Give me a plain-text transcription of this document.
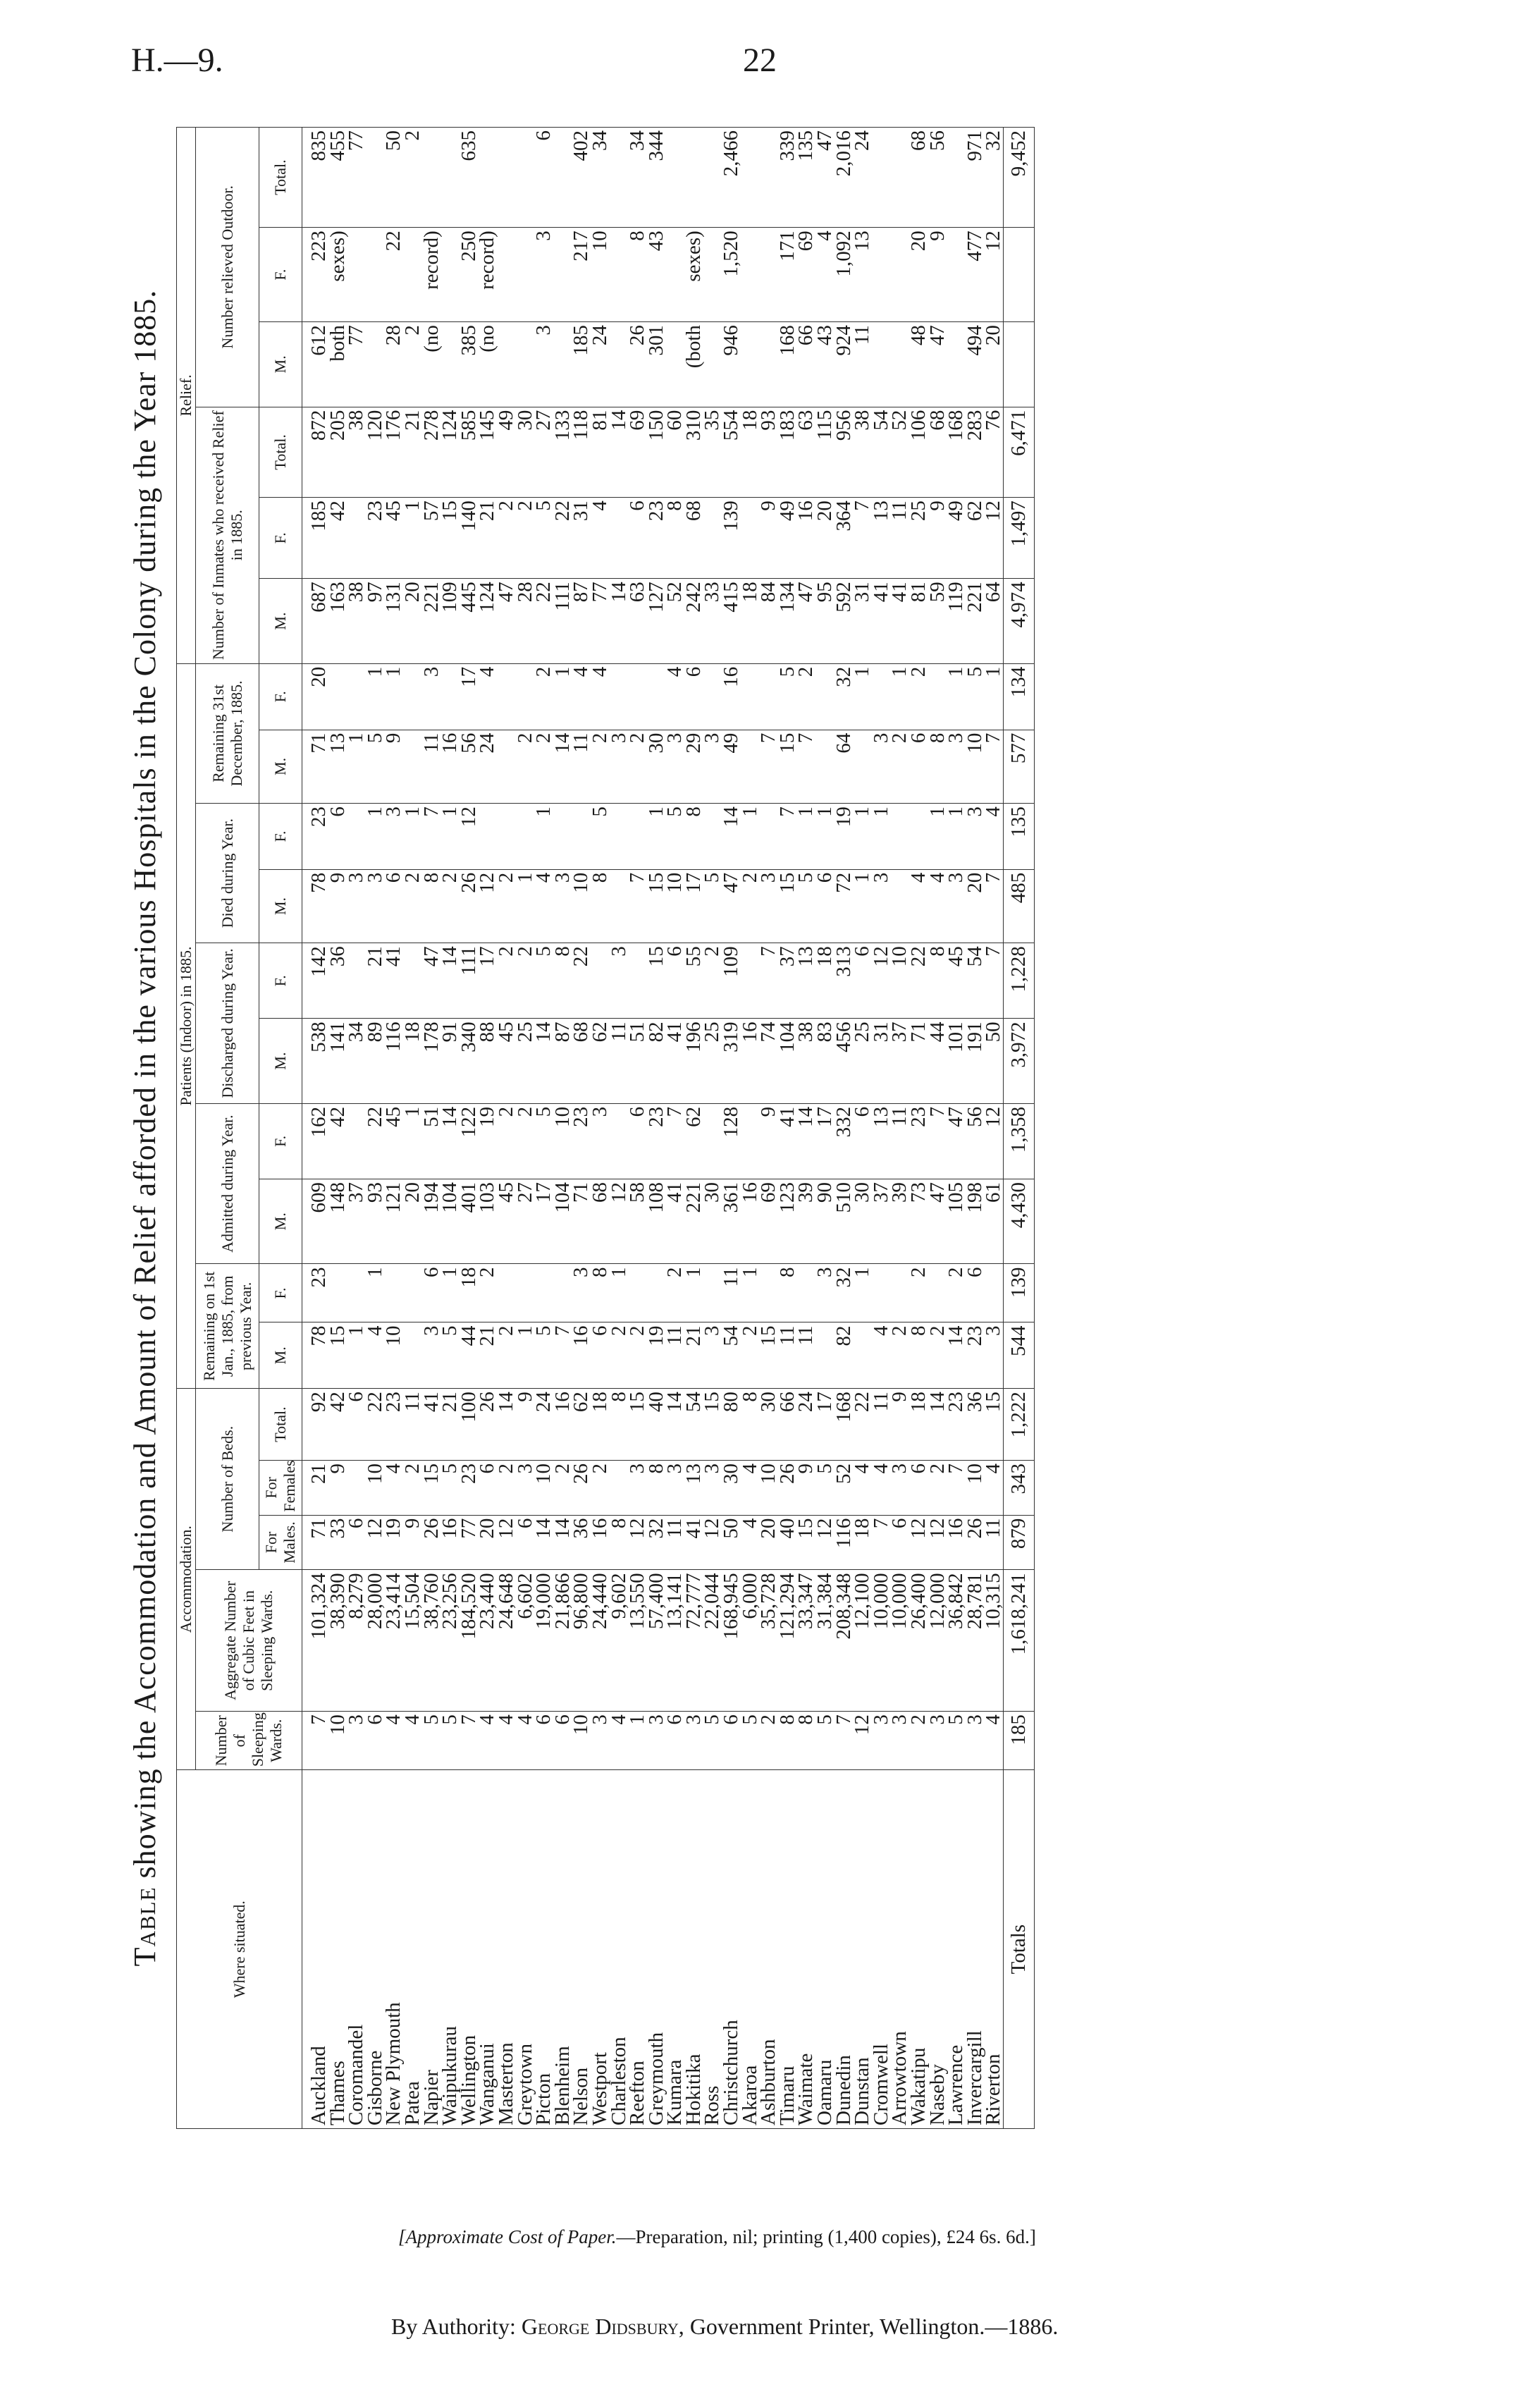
H.—9.	22
Table showing the Accommodation and Amount of Relief afforded in the various Hospitals in the Colony during the Year 1885.
Where situated.	Accommodation.					Patients (Indoor) in 1885.										Relief.					
	Number of Sleeping Wards.	Aggregate Number of Cubic Feet in Sleeping Wards.	Number of Beds.			Remaining on 1st Jan., 1885, from previous Year.		Admitted during Year.		Discharged during Year.		Died during Year.		Remaining 31st December, 1885.		Number of Inmates who received Relief in 1885.			Number relieved Outdoor.		
			For Males.	For Females	Total.	M.	F.	M.	F.	M.	F.	M.	F.	M.	F.	M.	F.	Total.	M.	F.	Total.
Auckland	7	101,324	71	21	92	78	23	609	162	538	142	78	23	71	20	687	185	872	612	223	835
Thames	10	38,390	33	9	42	15		148	42	141	36	9	6	13		163	42	205	both	sexes)	455
Coromandel	3	8,279	6		6	1		37		34		3		1		38		38	77		77
Gisborne	6	28,000	12	10	22	4	1	93	22	89	21	3	1	5	1	97	23	120			
New Plymouth	4	23,414	19	4	23	10		121	45	116	41	6	3	9	1	131	45	176	28	22	50
Patea	4	15,504	9	2	11			20	1	18		2	1			20	1	21	2		2
Napier	5	38,760	26	15	41	3	6	194	51	178	47	8	7	11	3	221	57	278	(no	record)	
Waipukurau	5	23,256	16	5	21	5	1	104	14	91	14	2	1	16		109	15	124			
Wellington	7	184,520	77	23	100	44	18	401	122	340	111	26	12	56	17	445	140	585	385	250	635
Wanganui	4	23,440	20	6	26	21	2	103	19	88	17	12		24	4	124	21	145	(no	record)	
Masterton	4	24,648	12	2	14	2		45	2	45	2	2				47	2	49			
Greytown	4	6,602	6	3	9	1		27	2	25	2	1		2		28	2	30			
Picton	6	19,000	14	10	24	5		17	5	14	5	4	1	2	2	22	5	27	3	3	6
Blenheim	6	21,866	14	2	16	7		104	10	87	8	3		14	1	111	22	133			
Nelson	10	96,800	36	26	62	16	3	71	23	68	22	10		11	4	87	31	118	185	217	402
Westport	3	24,440	16	2	18	6	8	68	3	62		8	5	2	4	77	4	81	24	10	34
Charleston	4	9,602	8		8	2	1	12		11	3			3		14		14			
Reefton	1	13,550	12	3	15	2		58	6	51		7		2		63	6	69	26	8	34
Greymouth	3	57,400	32	8	40	19		108	23	82	15	15	1	30		127	23	150	301	43	344
Kumara	6	13,141	11	3	14	11	2	41	7	41	6	10	5	3	4	52	8	60			
Hokitika	3	72,777	41	13	54	21	1	221	62	196	55	17	8	29	6	242	68	310	(both	sexes)	
Ross	5	22,044	12	3	15	3		30		25	2	5		3		33		35			
Christchurch	6	168,945	50	30	80	54	11	361	128	319	109	47	14	49	16	415	139	554	946	1,520	2,466
Akaroa	5	6,000	4	4	8	2	1	16		16		2	1			18		18			
Ashburton	2	35,728	20	10	30	15		69	9	74	7	3		7		84	9	93			
Timaru	8	121,294	40	26	66	11	8	123	41	104	37	15	7	15	5	134	49	183	168	171	339
Waimate	8	33,347	15	9	24	11		39	14	38	13	5	1	7	2	47	16	63	66	69	135
Oamaru	5	31,384	12	5	17		3	90	17	83	18	6	1			95	20	115	43	4	47
Dunedin	7	208,348	116	52	168	82	32	510	332	456	313	72	19	64	32	592	364	956	924	1,092	2,016
Dunstan	12	12,100	18	4	22		1	30	6	25	6	1	1		1	31	7	38	11	13	24
Cromwell	3	10,000	7	4	11	4		37	13	31	12	3	1	3		41	13	54			
Arrowtown	3	10,000	6	3	9	2		39	11	37	10			2	1	41	11	52			
Wakatipu	2	26,400	12	6	18	8	2	73	23	71	22	4		6	2	81	25	106	48	20	68
Naseby	3	12,000	12	2	14	2		47	7	44	8	4	1	8		59	9	68	47	9	56
Lawrence	5	36,842	16	7	23	14	2	105	47	101	45	3	1	3	1	119	49	168			
Invercargill	3	28,781	26	10	36	23	6	198	56	191	54	20	3	10	5	221	62	283	494	477	971
Riverton	4	10,315	11	4	15	3		61	12	50	7	7	4	7	1	64	12	76	20	12	32
Totals	185	1,618,241	879	343	1,222	544	139	4,430	1,358	3,972	1,228	485	135	577	134	4,974	1,497	6,471			9,452
[Approximate Cost of Paper.—Preparation, nil; printing (1,400 copies), £24 6s. 6d.]
By Authority: George Didsbury, Government Printer, Wellington.—1886.
